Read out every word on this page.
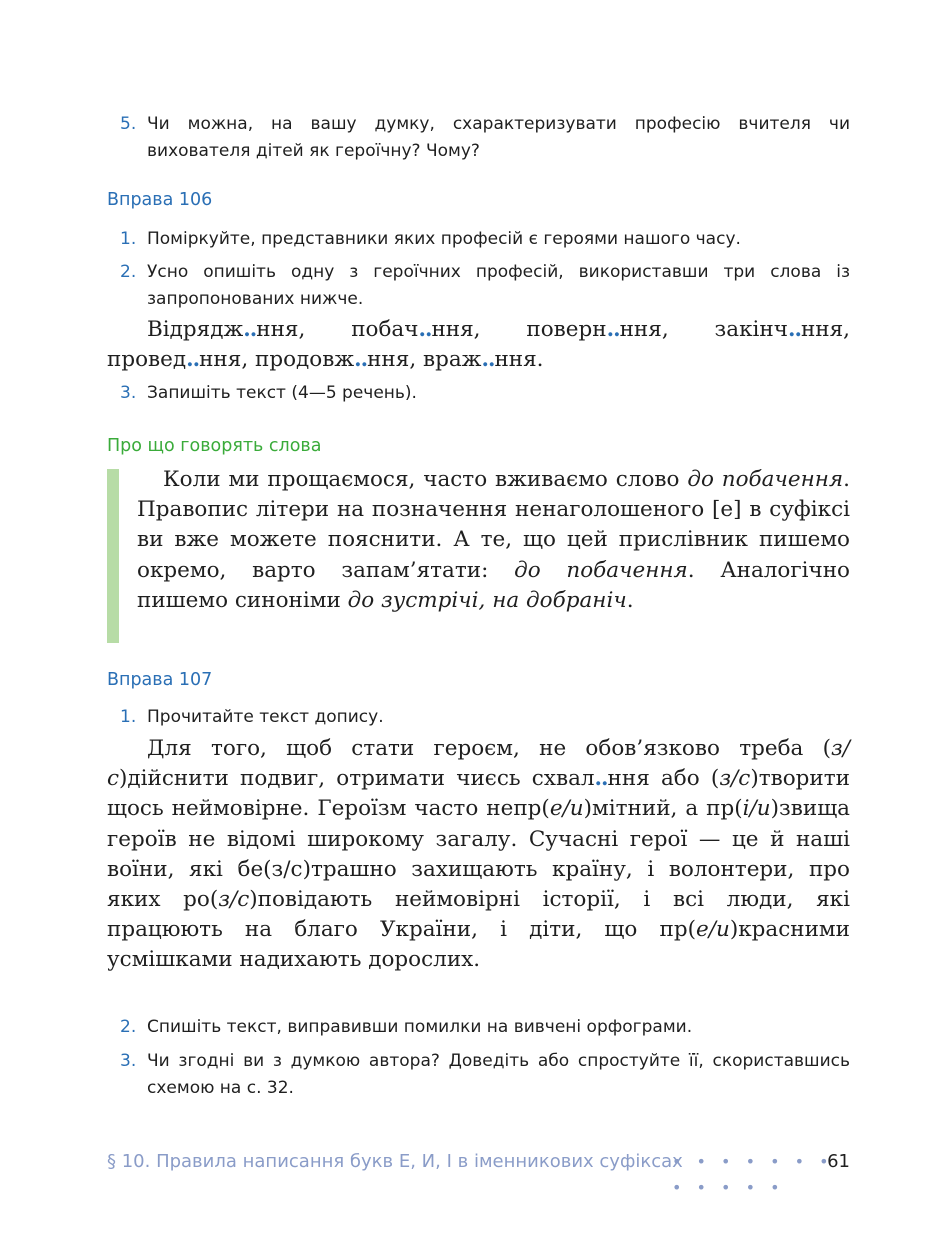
5. Чи можна, на вашу думку, схарактеризувати професію вчителя чи вихователя дітей як героїчну? Чому?
Вправа 106
1. Поміркуйте, представники яких професій є героями нашого часу.
2. Усно опишіть одну з героїчних професій, використавши три слова із запропонованих нижче.
Відрядж..ння, побач..ння, поверн..ння, закінч..ння,
провед..ння, продовж..ння, враж..ння.
3. Запишіть текст (4—5 речень).
Про що говорять слова
Коли ми прощаємося, часто вживаємо слово до побачення. Правопис літери на позначення ненаголошеного [е] в суфіксі ви вже можете пояснити. А те, що цей прислівник пишемо окремо, варто запам’ятати: до побачення. Аналогічно пишемо синоніми до зустрічі, на добраніч.
Вправа 107
1. Прочитайте текст допису.
Для того, щоб стати героєм, не обов’язково треба (з/с)дійснити подвиг, отримати чиєсь схвал..ння або (з/с)творити щось неймовірне. Героїзм часто непр(е/и)мітний, а пр(і/и)звища героїв не відомі широкому загалу. Сучасні герої — це й наші воїни, які бе(з/с)трашно захищають країну, і волонтери, про яких ро(з/с)повідають неймовірні історії, і всі люди, які працюють на благо України, і діти, що пр(е/и)красними усмішками надихають дорослих.
2. Спишіть текст, виправивши помилки на вивчені орфограми.
3. Чи згодні ви з думкою автора? Доведіть або спростуйте її, скориставшись схемою на с. 32.
§ 10. Правила написання букв Е, И, І в іменникових суфіксах
• • • • • • • • • • • •
61
